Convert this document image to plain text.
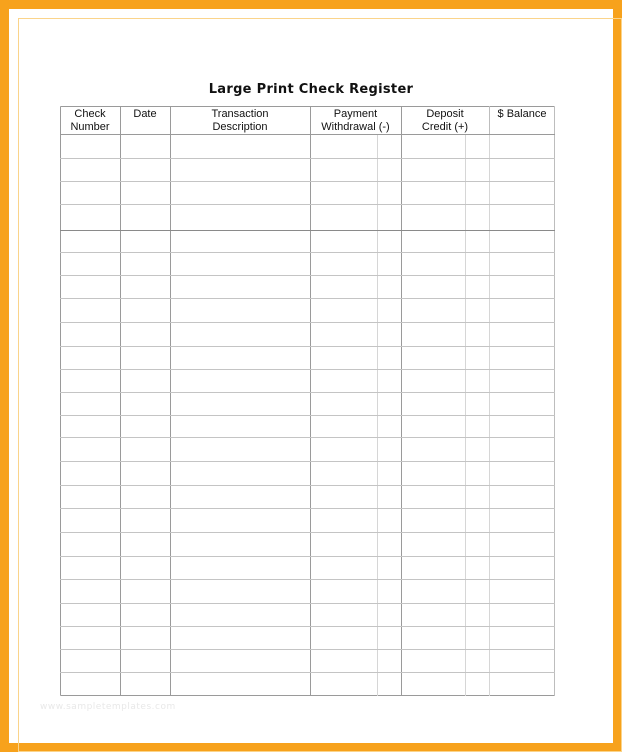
Large Print Check Register
Check
Number
Date	Transaction
Description
Payment
Withdrawal (-)
Deposit
Credit (+)
$ Balance
www.sampletemplates.com
